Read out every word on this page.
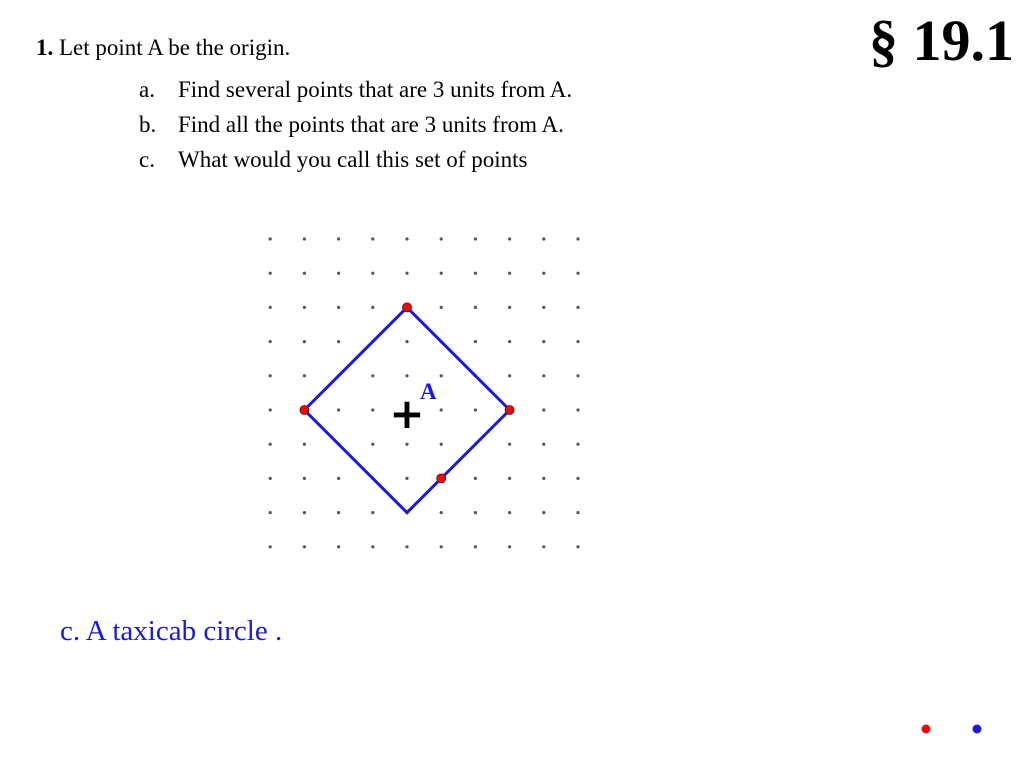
§ 19.1
1. Let point A be the origin.
a.	Find several points that are 3 units from A.
b. Find all the points that are 3 units from A.
c.	What would you call this set of points
+
A
c. A taxicab circle .
